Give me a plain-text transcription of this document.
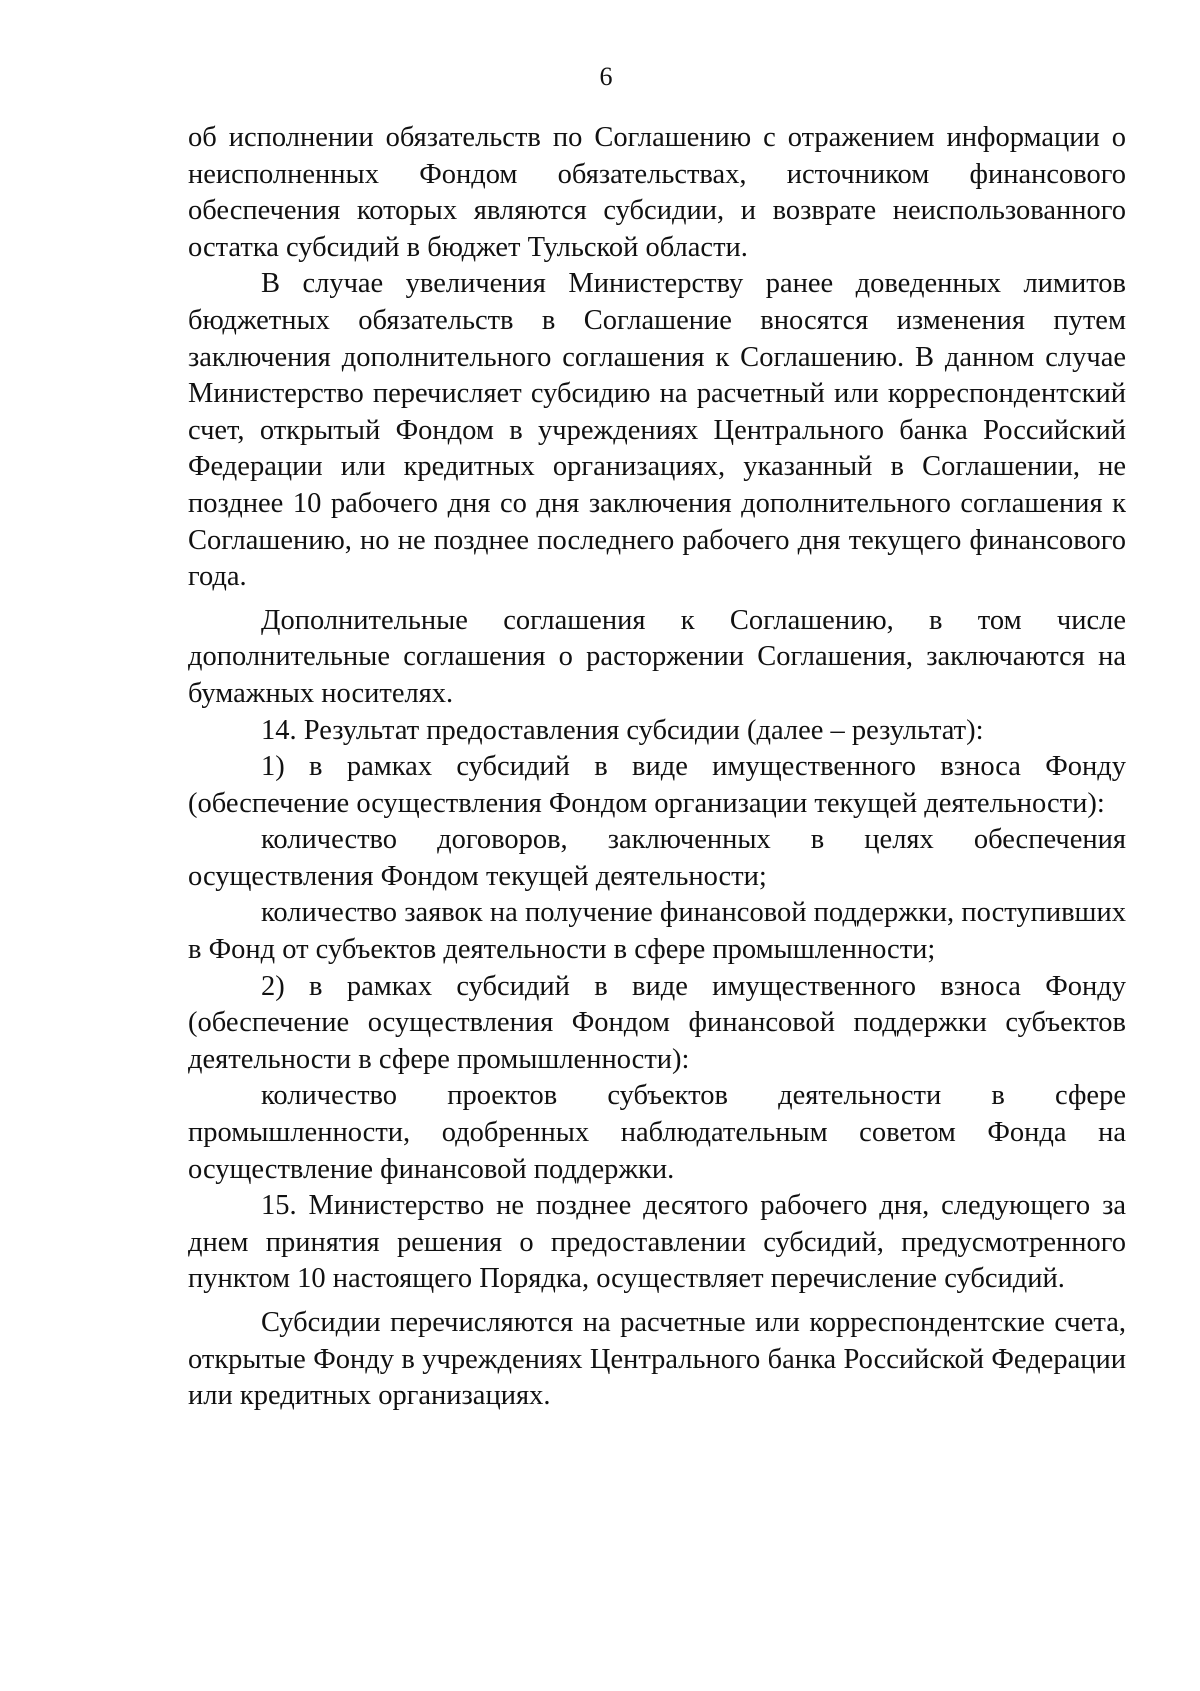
6

об исполнении обязательств по Соглашению с отражением информации о неисполненных Фондом обязательствах, источником финансового обеспечения которых являются субсидии, и возврате неиспользованного остатка субсидий в бюджет Тульской области.

В случае увеличения Министерству ранее доведенных лимитов бюджетных обязательств в Соглашение вносятся изменения путем заключения дополнительного соглашения к Соглашению. В данном случае Министерство перечисляет субсидию на расчетный или корреспондентский счет, открытый Фондом в учреждениях Центрального банка Российский Федерации или кредитных организациях, указанный в Соглашении, не позднее 10 рабочего дня со дня заключения дополнительного соглашения к Соглашению, но не позднее последнего рабочего дня текущего финансового года.

Дополнительные соглашения к Соглашению, в том числе дополнительные соглашения о расторжении Соглашения, заключаются на бумажных носителях.

14. Результат предоставления субсидии (далее – результат):

1) в рамках субсидий в виде имущественного взноса Фонду (обеспечение осуществления Фондом организации текущей деятельности):

количество договоров, заключенных в целях обеспечения осуществления Фондом текущей деятельности;

количество заявок на получение финансовой поддержки, поступивших в Фонд от субъектов деятельности в сфере промышленности;

2) в рамках субсидий в виде имущественного взноса Фонду (обеспечение осуществления Фондом финансовой поддержки субъектов деятельности в сфере промышленности):

количество проектов субъектов деятельности в сфере промышленности, одобренных наблюдательным советом Фонда на осуществление финансовой поддержки.

15. Министерство не позднее десятого рабочего дня, следующего за днем принятия решения о предоставлении субсидий, предусмотренного пунктом 10 настоящего Порядка, осуществляет перечисление субсидий.

Субсидии перечисляются на расчетные или корреспондентские счета, открытые Фонду в учреждениях Центрального банка Российской Федерации или кредитных организациях.
